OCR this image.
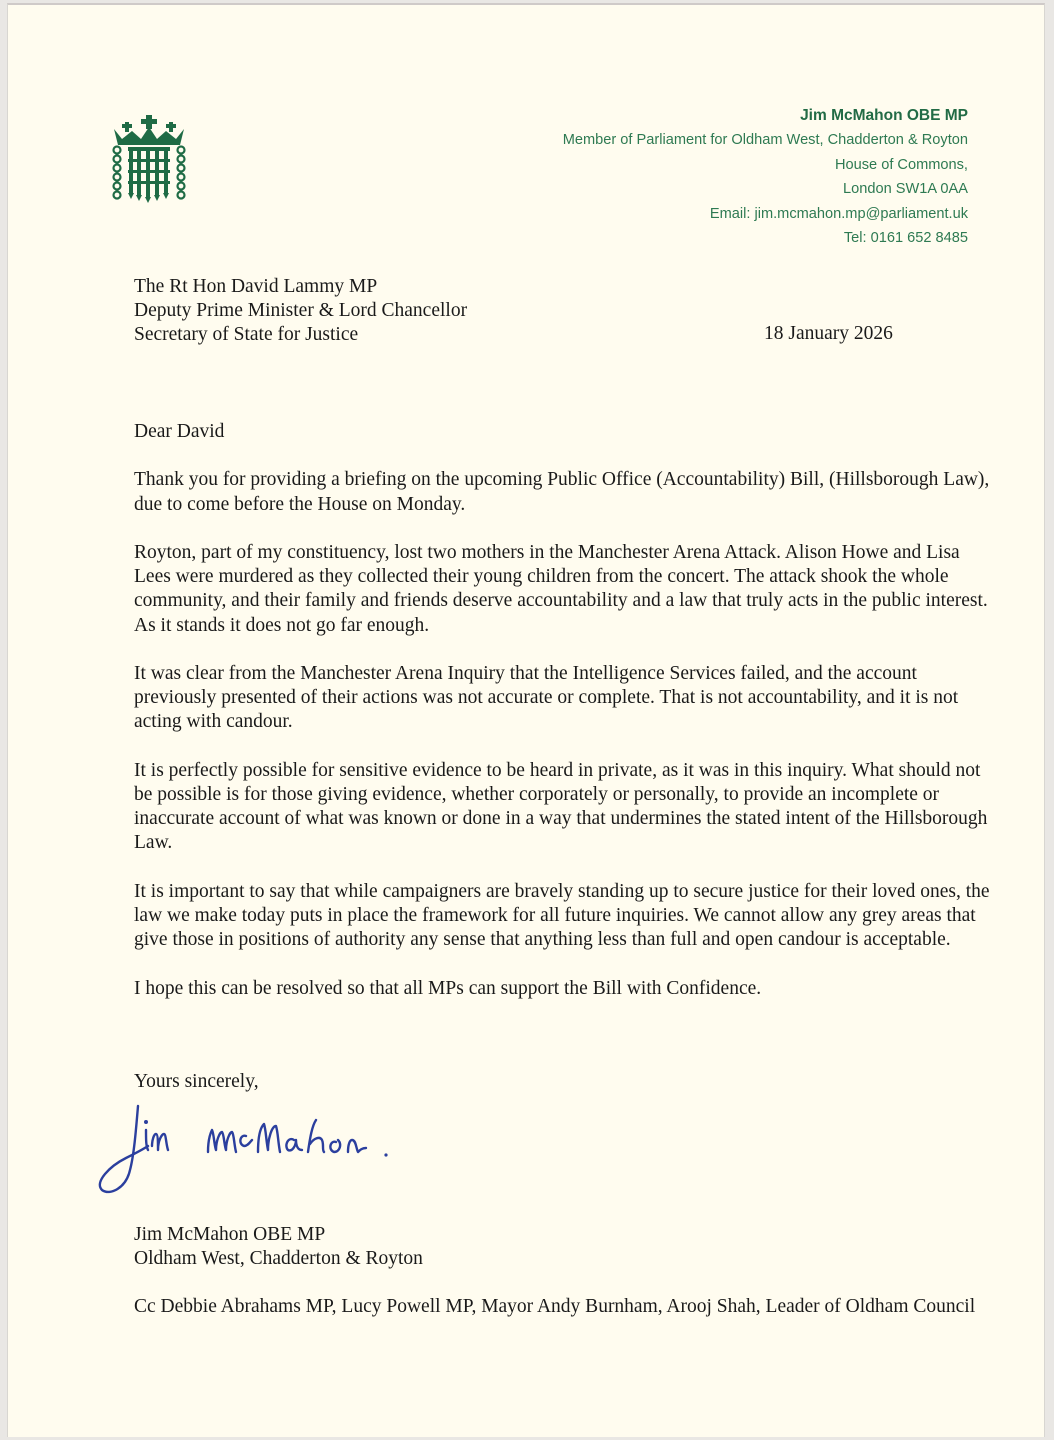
Jim McMahon OBE MP
Member of Parliament for Oldham West, Chadderton & Royton
House of Commons,
London SW1A 0AA
Email: jim.mcmahon.mp@parliament.uk
Tel: 0161 652 8485
The Rt Hon David Lammy MP
Deputy Prime Minister & Lord Chancellor
Secretary of State for Justice	18 January 2026

Dear David

Thank you for providing a briefing on the upcoming Public Office (Accountability) Bill, (Hillsborough Law), due to come before the House on Monday.

Royton, part of my constituency, lost two mothers in the Manchester Arena Attack. Alison Howe and Lisa Lees were murdered as they collected their young children from the concert. The attack shook the whole community, and their family and friends deserve accountability and a law that truly acts in the public interest. As it stands it does not go far enough.

It was clear from the Manchester Arena Inquiry that the Intelligence Services failed, and the account previously presented of their actions was not accurate or complete. That is not accountability, and it is not acting with candour.

It is perfectly possible for sensitive evidence to be heard in private, as it was in this inquiry. What should not be possible is for those giving evidence, whether corporately or personally, to provide an incomplete or inaccurate account of what was known or done in a way that undermines the stated intent of the Hillsborough Law.

It is important to say that while campaigners are bravely standing up to secure justice for their loved ones, the law we make today puts in place the framework for all future inquiries. We cannot allow any grey areas that give those in positions of authority any sense that anything less than full and open candour is acceptable.

I hope this can be resolved so that all MPs can support the Bill with Confidence.

Yours sincerely,
Jim McMahon OBE MP
Oldham West, Chadderton & Royton
Cc Debbie Abrahams MP, Lucy Powell MP, Mayor Andy Burnham, Arooj Shah, Leader of Oldham Council
